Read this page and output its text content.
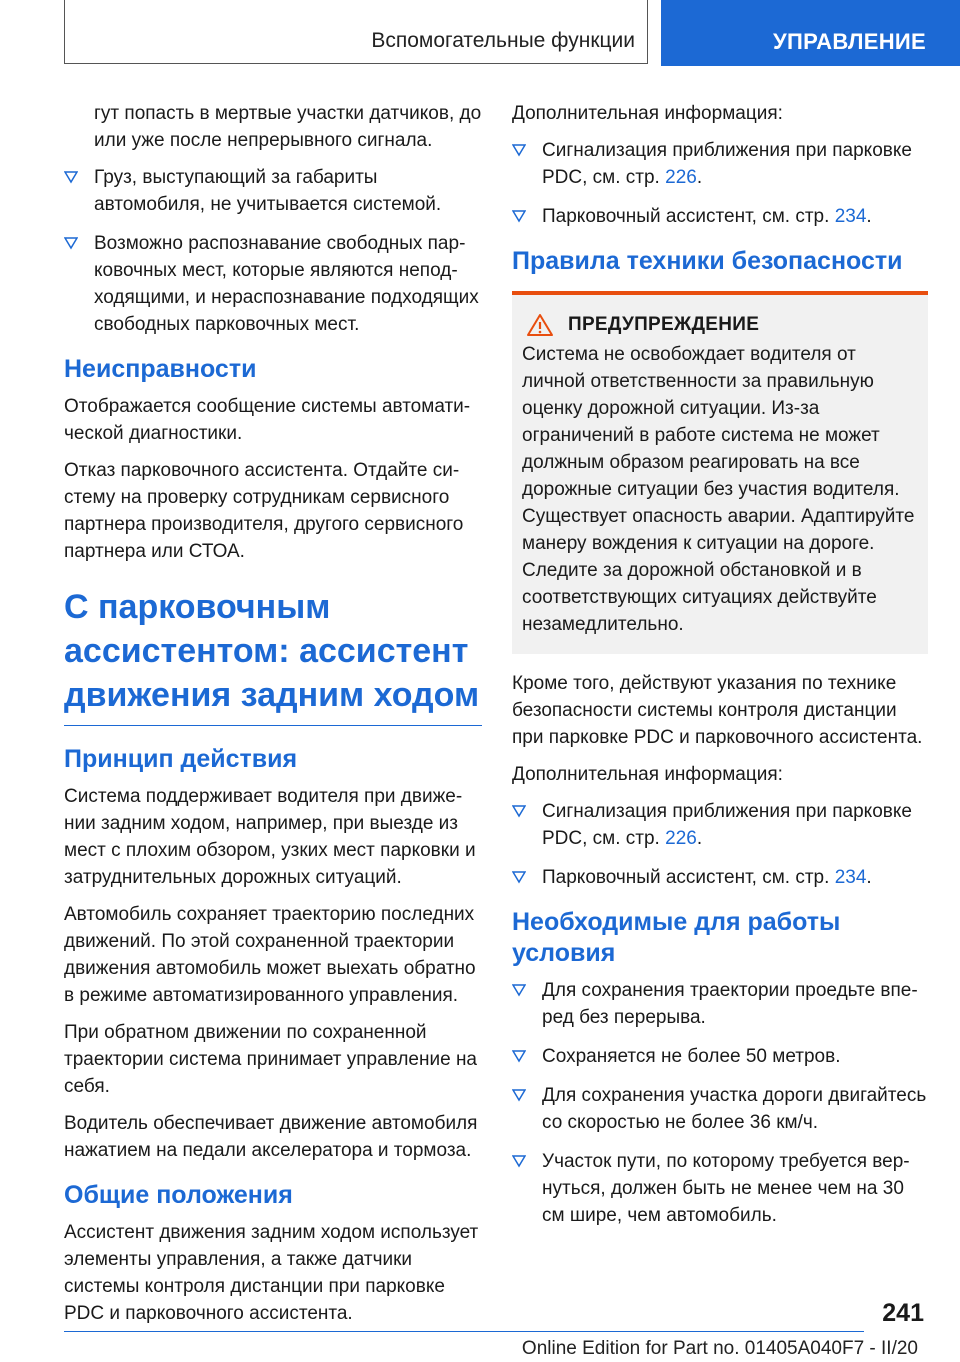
Вспомогательные функции	УПРАВЛЕНИЕ

гут попасть в мертвые участки датчиков, до или уже после непрерывного сигнала.

Груз, выступающий за габариты автомобиля, не учитывается системой.
Возможно распознавание свободных парковочных мест, которые являются неподходящими, и нераспознавание подходящих свободных парковочных мест.
Неисправности

Отображается сообщение системы автоматической диагностики.

Отказ парковочного ассистента. Отдайте систему на проверку сотрудникам сервисного партнера производителя, другого сервисного партнера или СТОА.

С парковочным ассистентом: ассистент движения задним ходом
Принцип действия

Система поддерживает водителя при движении задним ходом, например, при выезде из мест с плохим обзором, узких мест парковки и затруднительных дорожных ситуаций.

Автомобиль сохраняет траекторию последних движений. По этой сохраненной траектории движения автомобиль может выехать обратно в режиме автоматизированного управления.

При обратном движении по сохраненной траектории система принимает управление на себя.

Водитель обеспечивает движение автомобиля нажатием на педали акселератора и тормоза.

Общие положения

Ассистент движения задним ходом использует элементы управления, а также датчики системы контроля дистанции при парковке PDC и парковочного ассистента.

Дополнительная информация:

Сигнализация приближения при парковке PDC, см. стр. 226.
Парковочный ассистент, см. стр. 234.
Правила техники безопасности
ПРЕДУПРЕЖДЕНИЕ

Система не освобождает водителя от личной ответственности за правильную оценку дорожной ситуации. Из-за ограничений в работе система не может должным образом реагировать на все дорожные ситуации без участия водителя. Существует опасность аварии. Адаптируйте манеру вождения к ситуации на дороге. Следите за дорожной обстановкой и в соответствующих ситуациях действуйте незамедлительно.

Кроме того, действуют указания по технике безопасности системы контроля дистанции при парковке PDC и парковочного ассистента.

Дополнительная информация:

Сигнализация приближения при парковке PDC, см. стр. 226.
Парковочный ассистент, см. стр. 234.
Необходимые для работы условия
Для сохранения траектории проедьте вперед без перерыва.
Сохраняется не более 50 метров.
Для сохранения участка дороги двигайтесь со скоростью не более 36 км/ч.
Участок пути, по которому требуется вернуться, должен быть не менее чем на 30 см шире, чем автомобиль.
241
Online Edition for Part no. 01405A040F7 - II/20
